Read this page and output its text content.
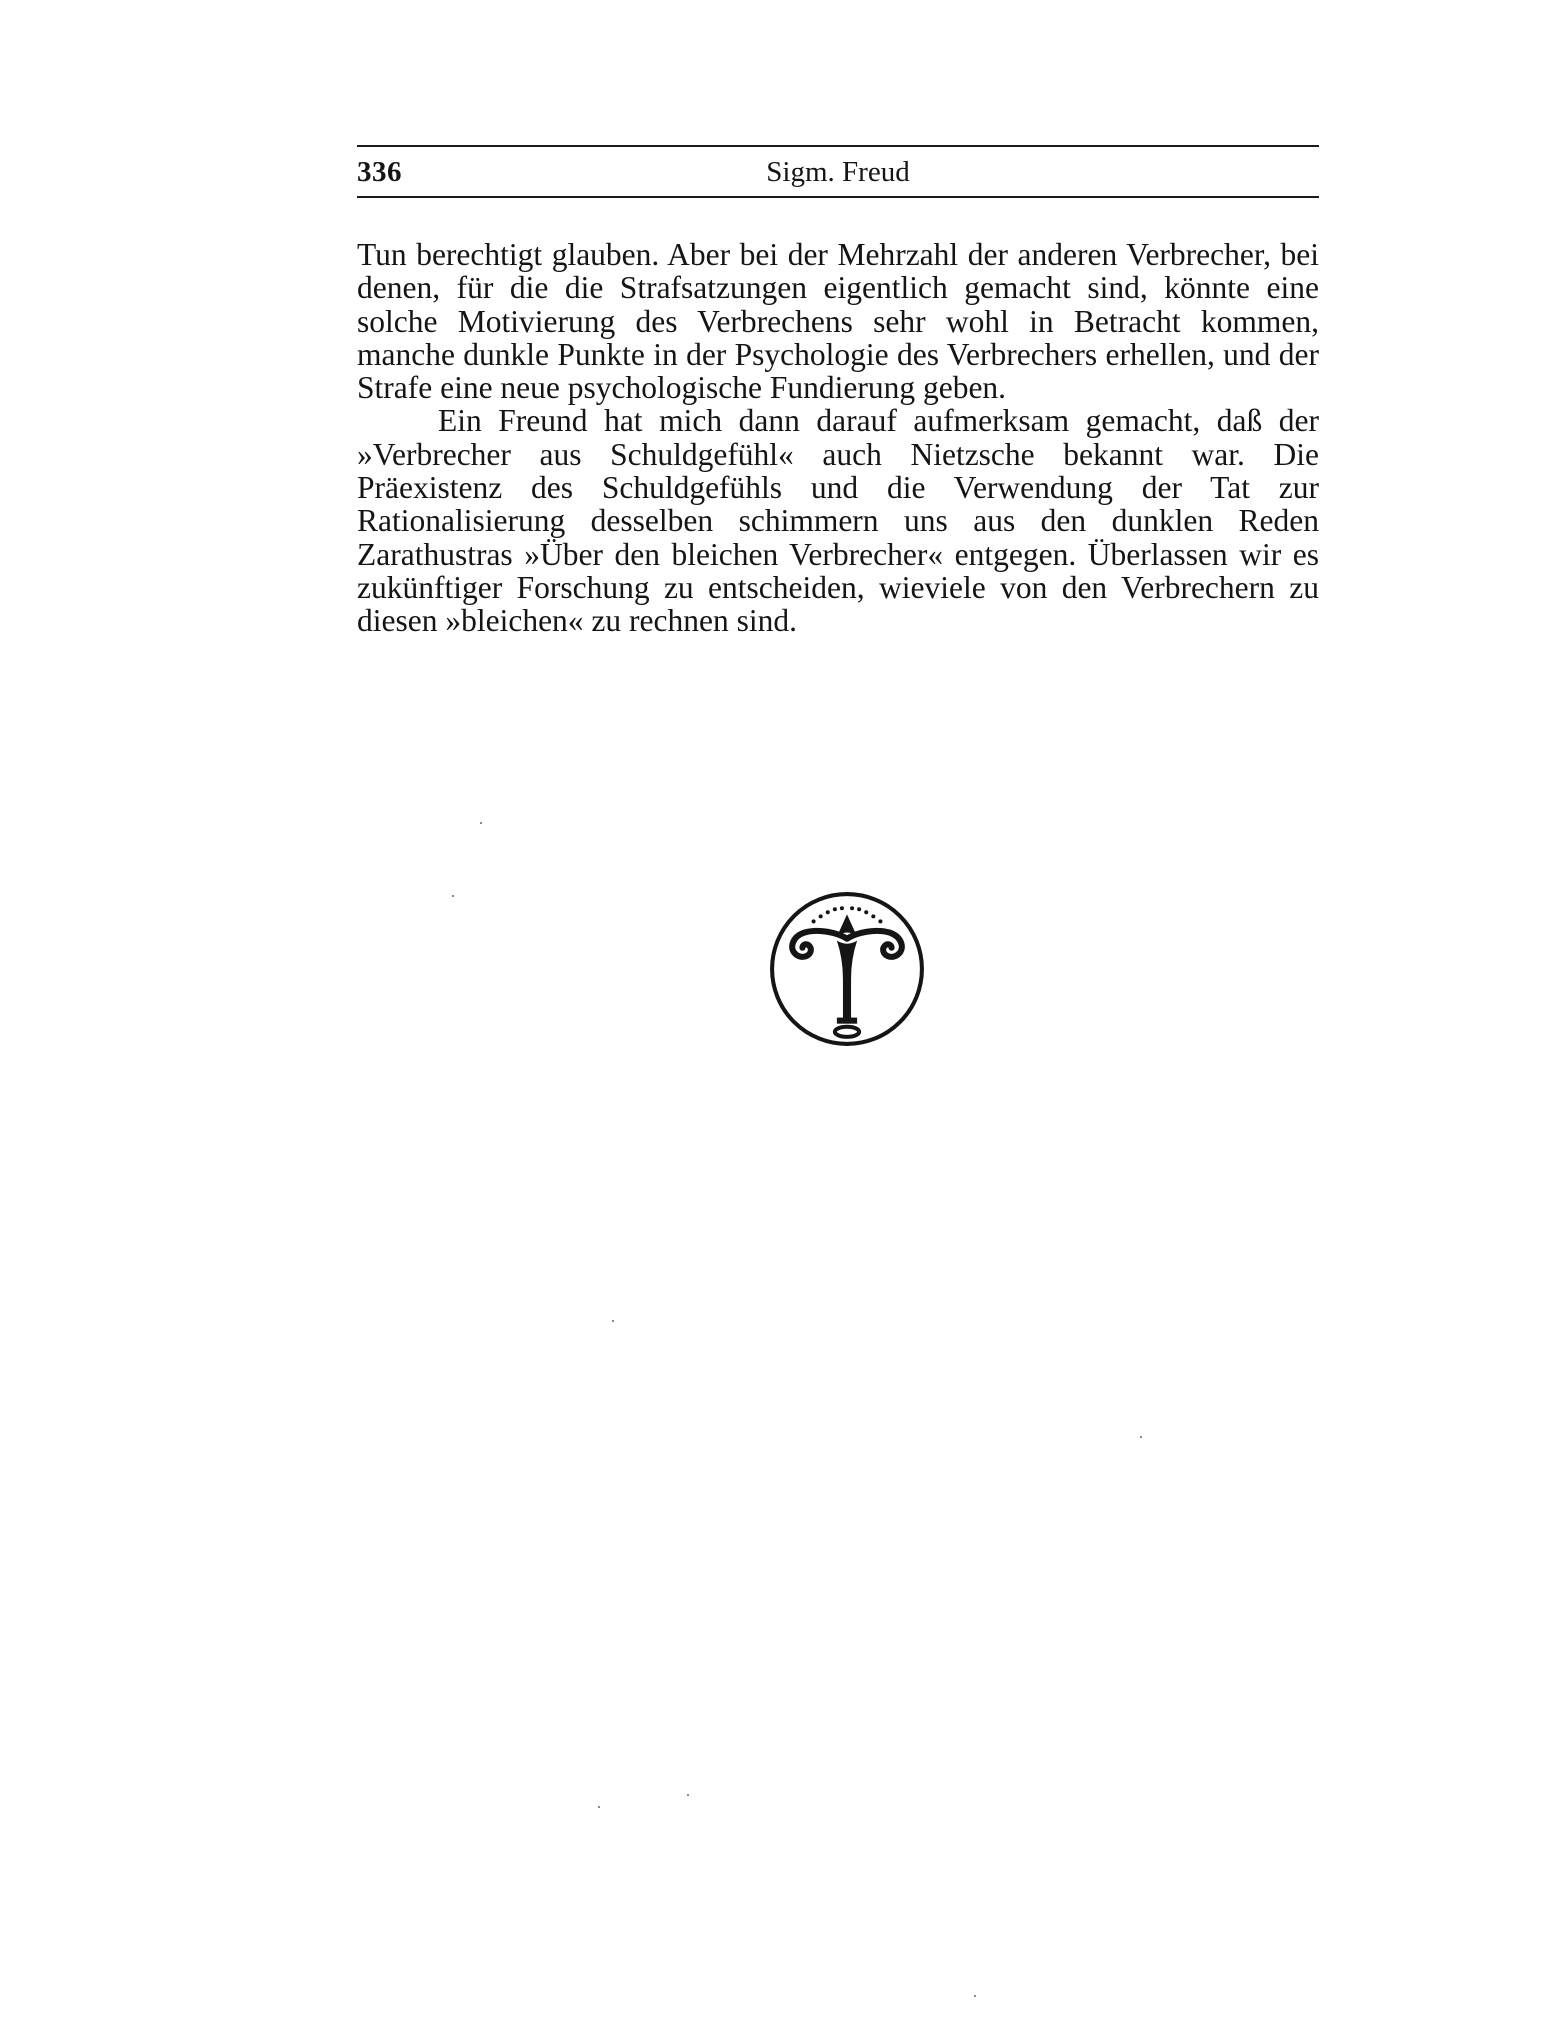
336	Sigm. Freud

Tun berechtigt glauben. Aber bei der Mehrzahl der anderen Verbrecher, bei denen, für die die Strafsatzungen eigentlich gemacht sind, könnte eine solche Motivierung des Verbrechens sehr wohl in Betracht kommen, manche dunkle Punkte in der Psychologie des Verbrechers erhellen, und der Strafe eine neue psychologische Fundierung geben.

Ein Freund hat mich dann darauf aufmerksam gemacht, daß der »Verbrecher aus Schuldgefühl« auch Nietzsche bekannt war. Die Präexistenz des Schuldgefühls und die Verwendung der Tat zur Rationalisierung desselben schimmern uns aus den dunklen Reden Zarathustras »Über den bleichen Verbrecher« entgegen. Überlassen wir es zukünftiger Forschung zu entscheiden, wieviele von den Verbrechern zu diesen »bleichen« zu rechnen sind.
